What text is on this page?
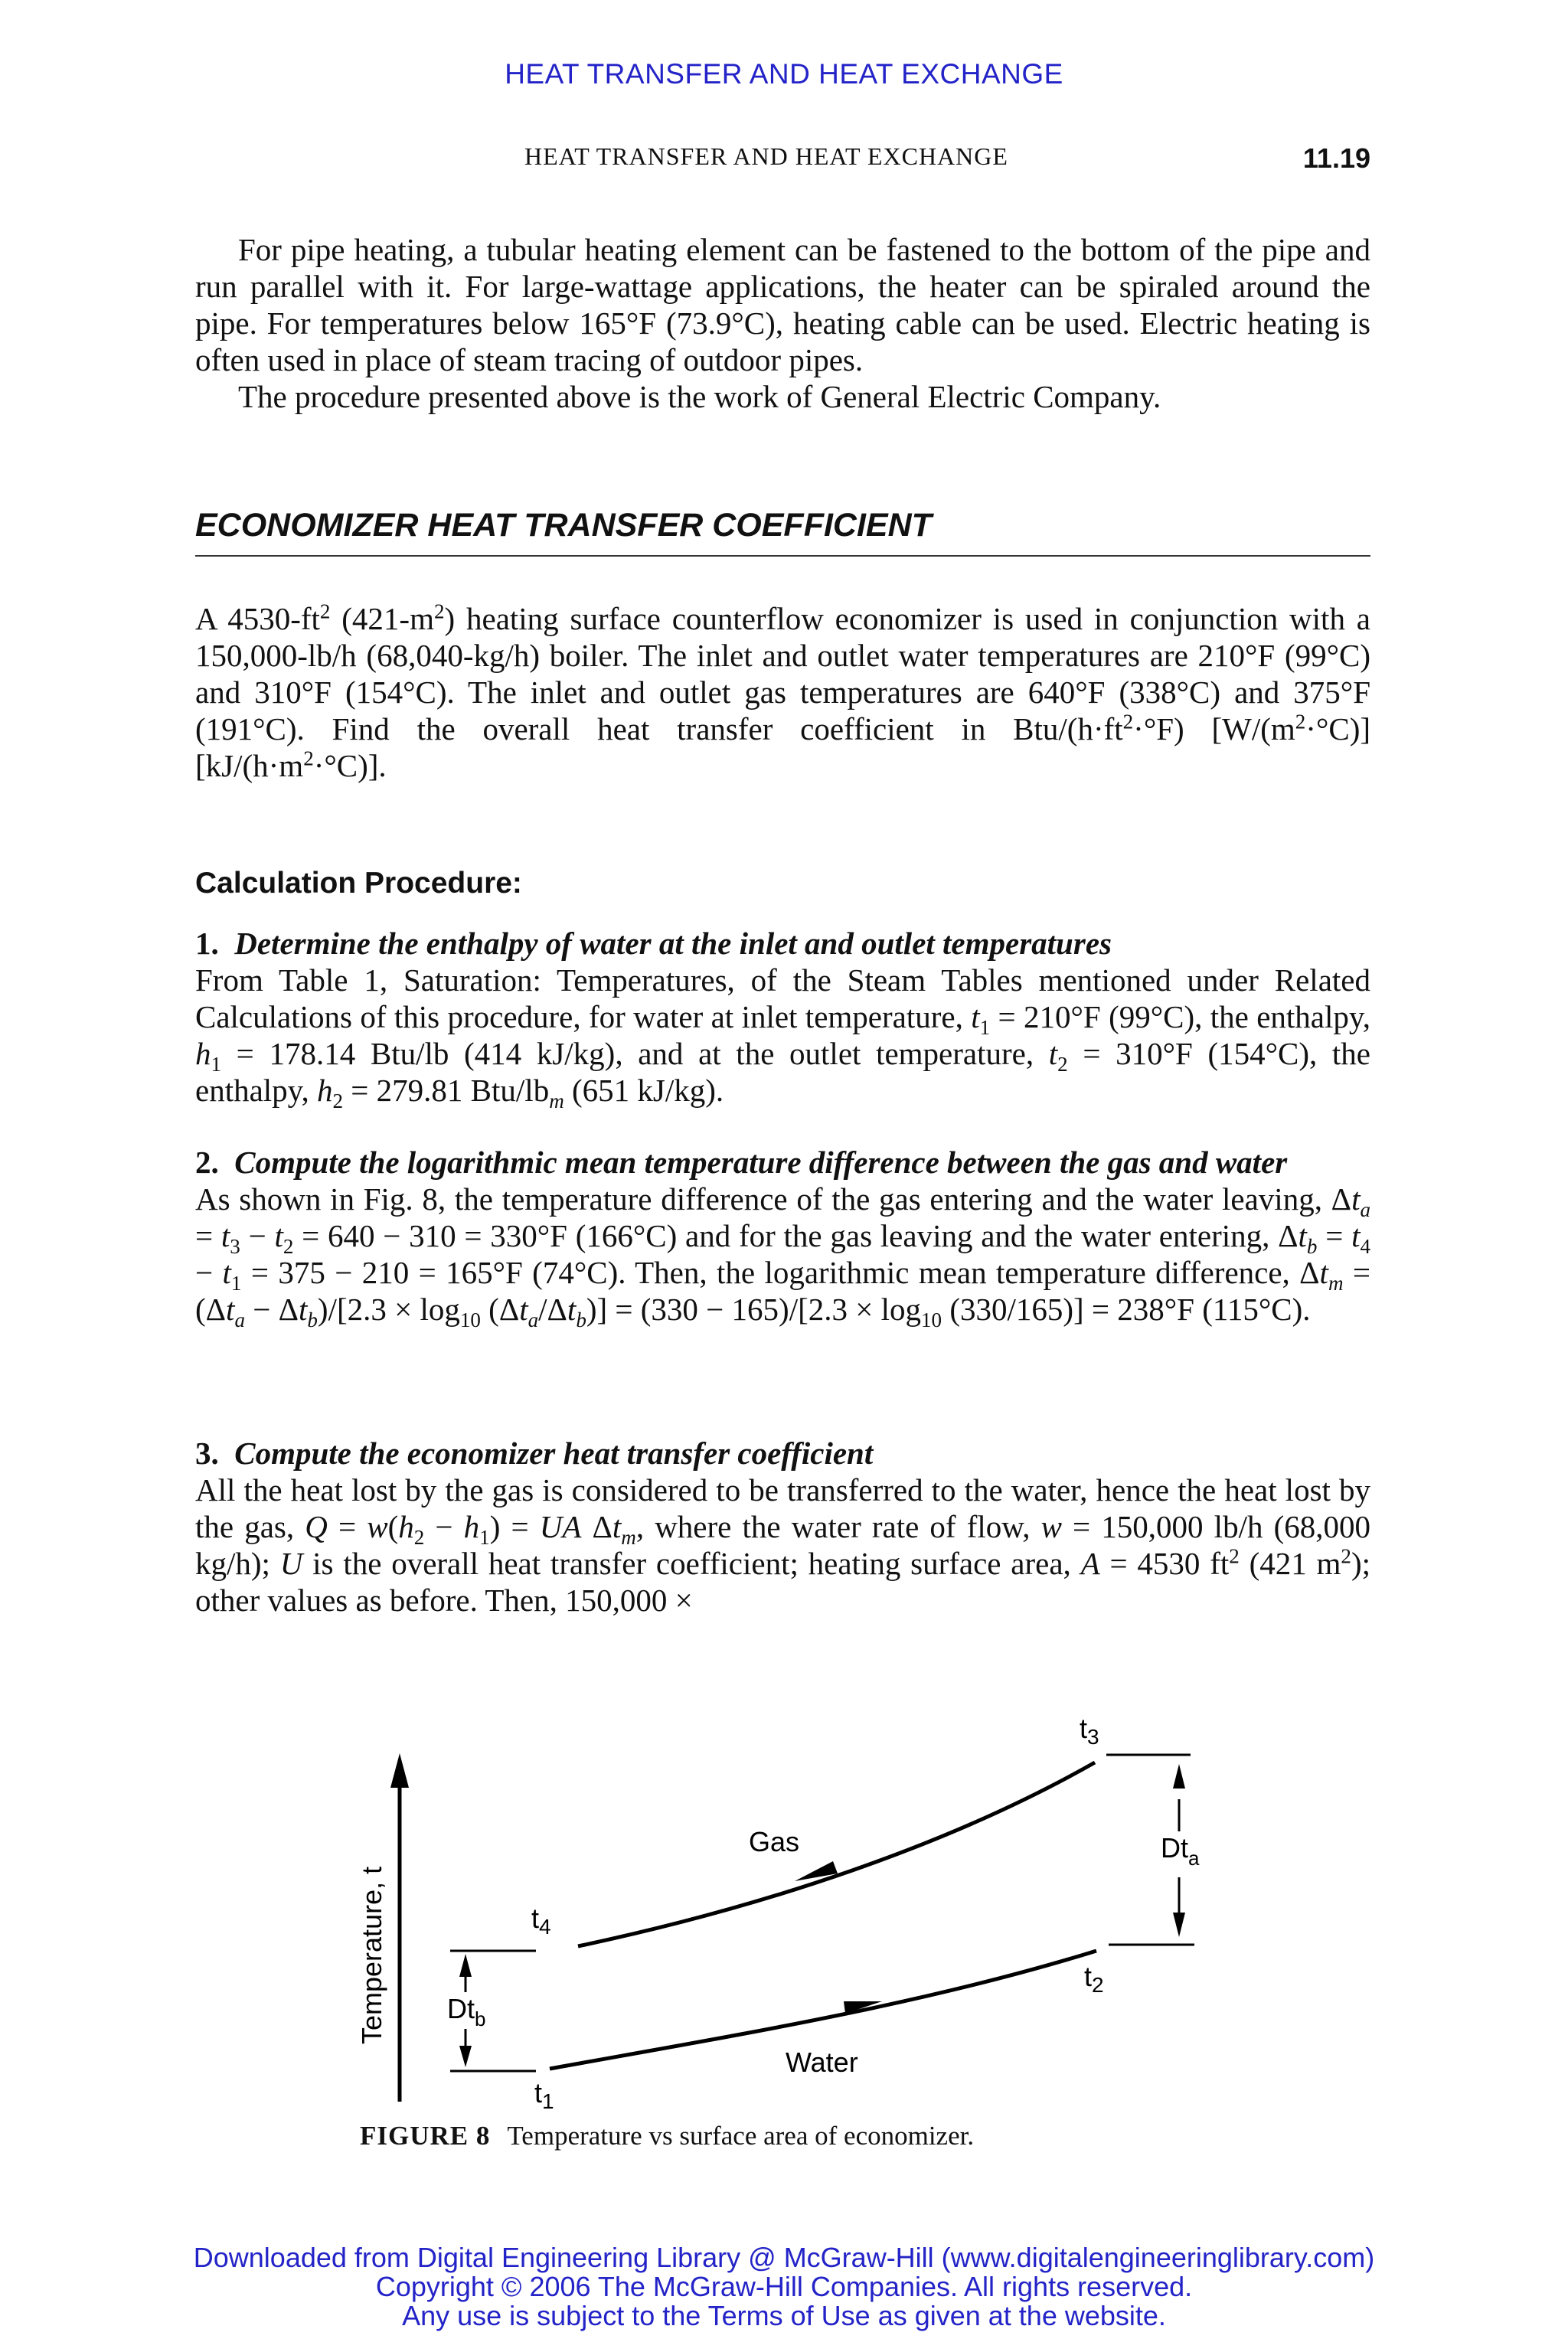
HEAT TRANSFER AND HEAT EXCHANGE
HEAT TRANSFER AND HEAT EXCHANGE	11.19

For pipe heating, a tubular heating element can be fastened to the bottom of the pipe and run parallel with it. For large-wattage applications, the heater can be spiraled around the pipe. For temperatures below 165°F (73.9°C), heating cable can be used. Electric heating is often used in place of steam tracing of outdoor pipes.

The procedure presented above is the work of General Electric Company.

ECONOMIZER HEAT TRANSFER COEFFICIENT

A $4530-ft^2$ $(421-m^2)$ heating surface counterflow economizer is used in conjunction with a 150,000-lb/h (68,040-kg/h) boiler. The inlet and outlet water temperatures are 210°F (99°C) and 310°F (154°C). The inlet and outlet gas temperatures are 640°F (338°C) and 375°F (191°C). Find the overall heat transfer coefficient in Btu/$(h\cdot ft^2\cdot^\circ F)$ $[W/(m^2\cdot^\circ C)]$ $[kJ/(h\cdot m^2\cdot^\circ C)]$.

Calculation Procedure:

1. Determine the enthalpy of water at the inlet and outlet temperatures

From Table 1, Saturation: Temperatures, of the Steam Tables mentioned under Related Calculations of this procedure, for water at inlet temperature, $t_1 = 210^\circ F$ (99°C), the enthalpy, $h_1 = 178.14$ Btu/lb (414 kJ/kg), and at the outlet temperature, $t_2 = 310^\circ F$ (154°C), the enthalpy, $h_2 = 279.81$ Btu/$lb_m$ (651 kJ/kg).

2. Compute the logarithmic mean temperature difference between the gas and water

As shown in Fig. 8, the temperature difference of the gas entering and the water leaving, $\Delta t_a = t_3 - t_2 = 640 - 310 = 330^\circ F$ (166°C) and for the gas leaving and the water entering, $\Delta t_b = t_4 - t_1 = 375 - 210 = 165^\circ F$ (74°C). Then, the logarithmic mean temperature difference, $\Delta t_m = (\Delta t_a - \Delta t_b)/[2.3 \times \log_{10} (\Delta t_a/\Delta t_b)] = (330 - 165)/[2.3 \times \log_{10} (330/165)] = 238^\circ F$ (115°C).

3. Compute the economizer heat transfer coefficient

All the heat lost by the gas is considered to be transferred to the water, hence the heat lost by the gas, $Q = w(h_2 - h_1)$ = UA $\Delta t_m$, where the water rate of flow, w = 150,000 lb/h (68,000 kg/h); U is the overall heat transfer coefficient; heating surface area, A = 4530 $ft^2$ (421 $m^2$); other values as before. Then, 150,000 ×

Temperature, t
Gas
Water
$Dt_a$
$Dt_b$
$t_3$
$t_4$
$t_2$
$t_1$
FIGURE 8 Temperature vs surface area of economizer.
Downloaded from Digital Engineering Library @ McGraw-Hill (www.digitalengineeringlibrary.com)
Copyright © 2006 The McGraw-Hill Companies. All rights reserved.
Any use is subject to the Terms of Use as given at the website.
